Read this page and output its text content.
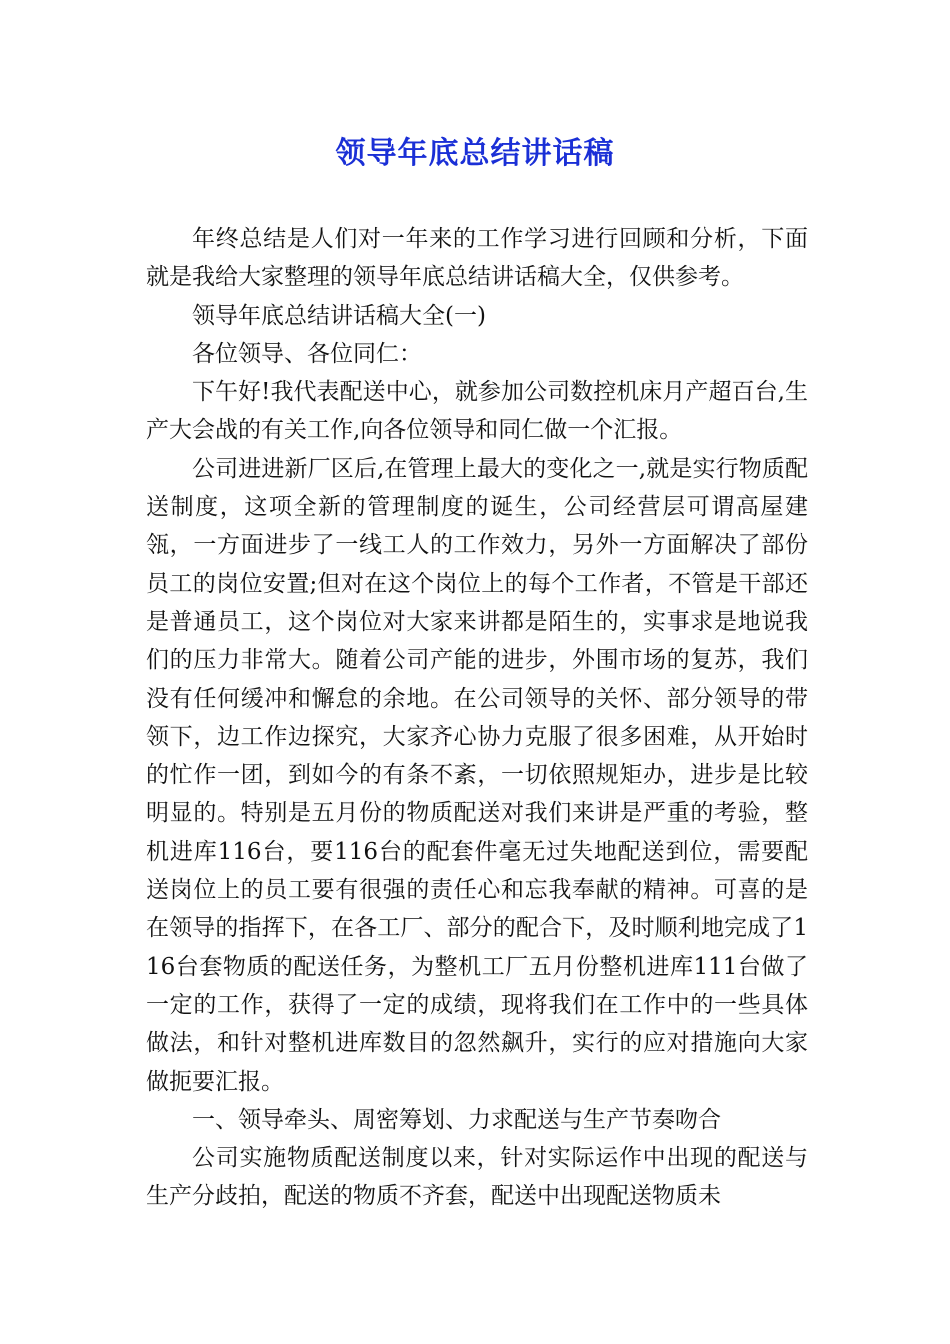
领导年底总结讲话稿

年终总结是人们对一年来的工作学习进行回顾和分析，下面就是我给大家整理的领导年底总结讲话稿大全，仅供参考。

领导年底总结讲话稿大全(一)

各位领导、各位同仁：

下午好!我代表配送中心，就参加公司数控机床月产超百台,生产大会战的有关工作,向各位领导和同仁做一个汇报。

公司进进新厂区后,在管理上最大的变化之一,就是实行物质配送制度，这项全新的管理制度的诞生，公司经营层可谓高屋建瓴，一方面进步了一线工人的工作效力，另外一方面解决了部份员工的岗位安置;但对在这个岗位上的每个工作者，不管是干部还是普通员工，这个岗位对大家来讲都是陌生的，实事求是地说我们的压力非常大。随着公司产能的进步，外围市场的复苏，我们没有任何缓冲和懈怠的余地。在公司领导的关怀、部分领导的带领下，边工作边探究，大家齐心协力克服了很多困难，从开始时的忙作一团，到如今的有条不紊，一切依照规矩办，进步是比较明显的。特别是五月份的物质配送对我们来讲是严重的考验，整机进库116台，要116台的配套件毫无过失地配送到位，需要配送岗位上的员工要有很强的责任心和忘我奉献的精神。可喜的是在领导的指挥下，在各工厂、部分的配合下，及时顺利地完成了116台套物质的配送任务，为整机工厂五月份整机进库111台做了一定的工作，获得了一定的成绩，现将我们在工作中的一些具体做法，和针对整机进库数目的忽然飙升，实行的应对措施向大家做扼要汇报。

一、领导牵头、周密筹划、力求配送与生产节奏吻合

公司实施物质配送制度以来，针对实际运作中出现的配送与生产分歧拍，配送的物质不齐套，配送中出现配送物质未
